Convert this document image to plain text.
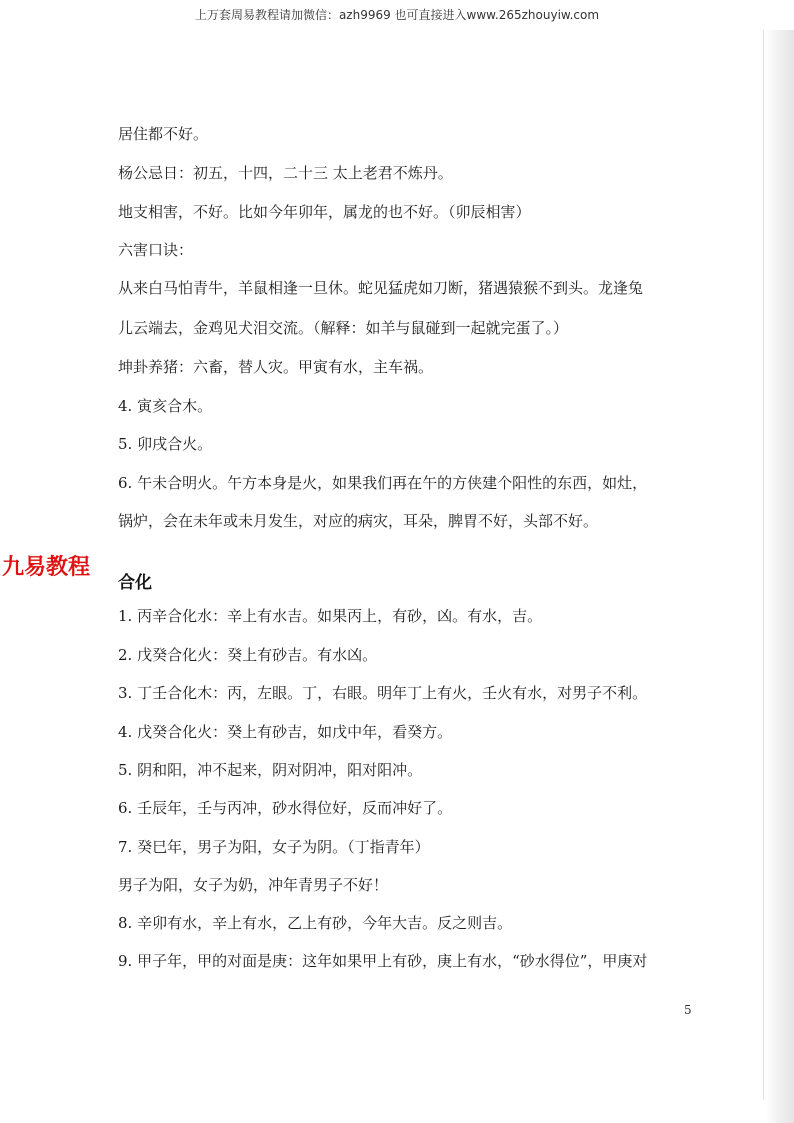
上万套周易教程请加微信：azh9969 也可直接进入www.265zhouyiw.com
居住都不好。
杨公忌日：初五，十四，二十三 太上老君不炼丹。
地支相害，不好。比如今年卯年，属龙的也不好。（卯辰相害）
六害口诀：
从来白马怕青牛，羊鼠相逢一旦休。蛇见猛虎如刀断，猪遇猿猴不到头。龙逢兔
儿云端去，金鸡见犬泪交流。（解释：如羊与鼠碰到一起就完蛋了。）
坤卦养猪：六畜，替人灾。甲寅有水，主车祸。
4. 寅亥合木。
5. 卯戌合火。
6. 午未合明火。午方本身是火，如果我们再在午的方侠建个阳性的东西，如灶，
锅炉，会在未年或未月发生，对应的病灾，耳朵，脾胃不好，头部不好。
1. 丙辛合化水：辛上有水吉。如果丙上，有砂，凶。有水，吉。
2. 戊癸合化火：癸上有砂吉。有水凶。
3. 丁壬合化木：丙，左眼。丁，右眼。明年丁上有火，壬火有水，对男子不利。
4. 戊癸合化火：癸上有砂吉，如戊中年，看癸方。
5. 阴和阳，冲不起来，阴对阴冲，阳对阳冲。
6. 壬辰年，壬与丙冲，砂水得位好，反而冲好了。
7. 癸巳年，男子为阳，女子为阴。（丁指青年）
男子为阳，女子为奶，冲年青男子不好！
8. 辛卯有水，辛上有水，乙上有砂，今年大吉。反之则吉。
9. 甲子年，甲的对面是庚：这年如果甲上有砂，庚上有水，“砂水得位”，甲庚对
九易教程
合化
5
